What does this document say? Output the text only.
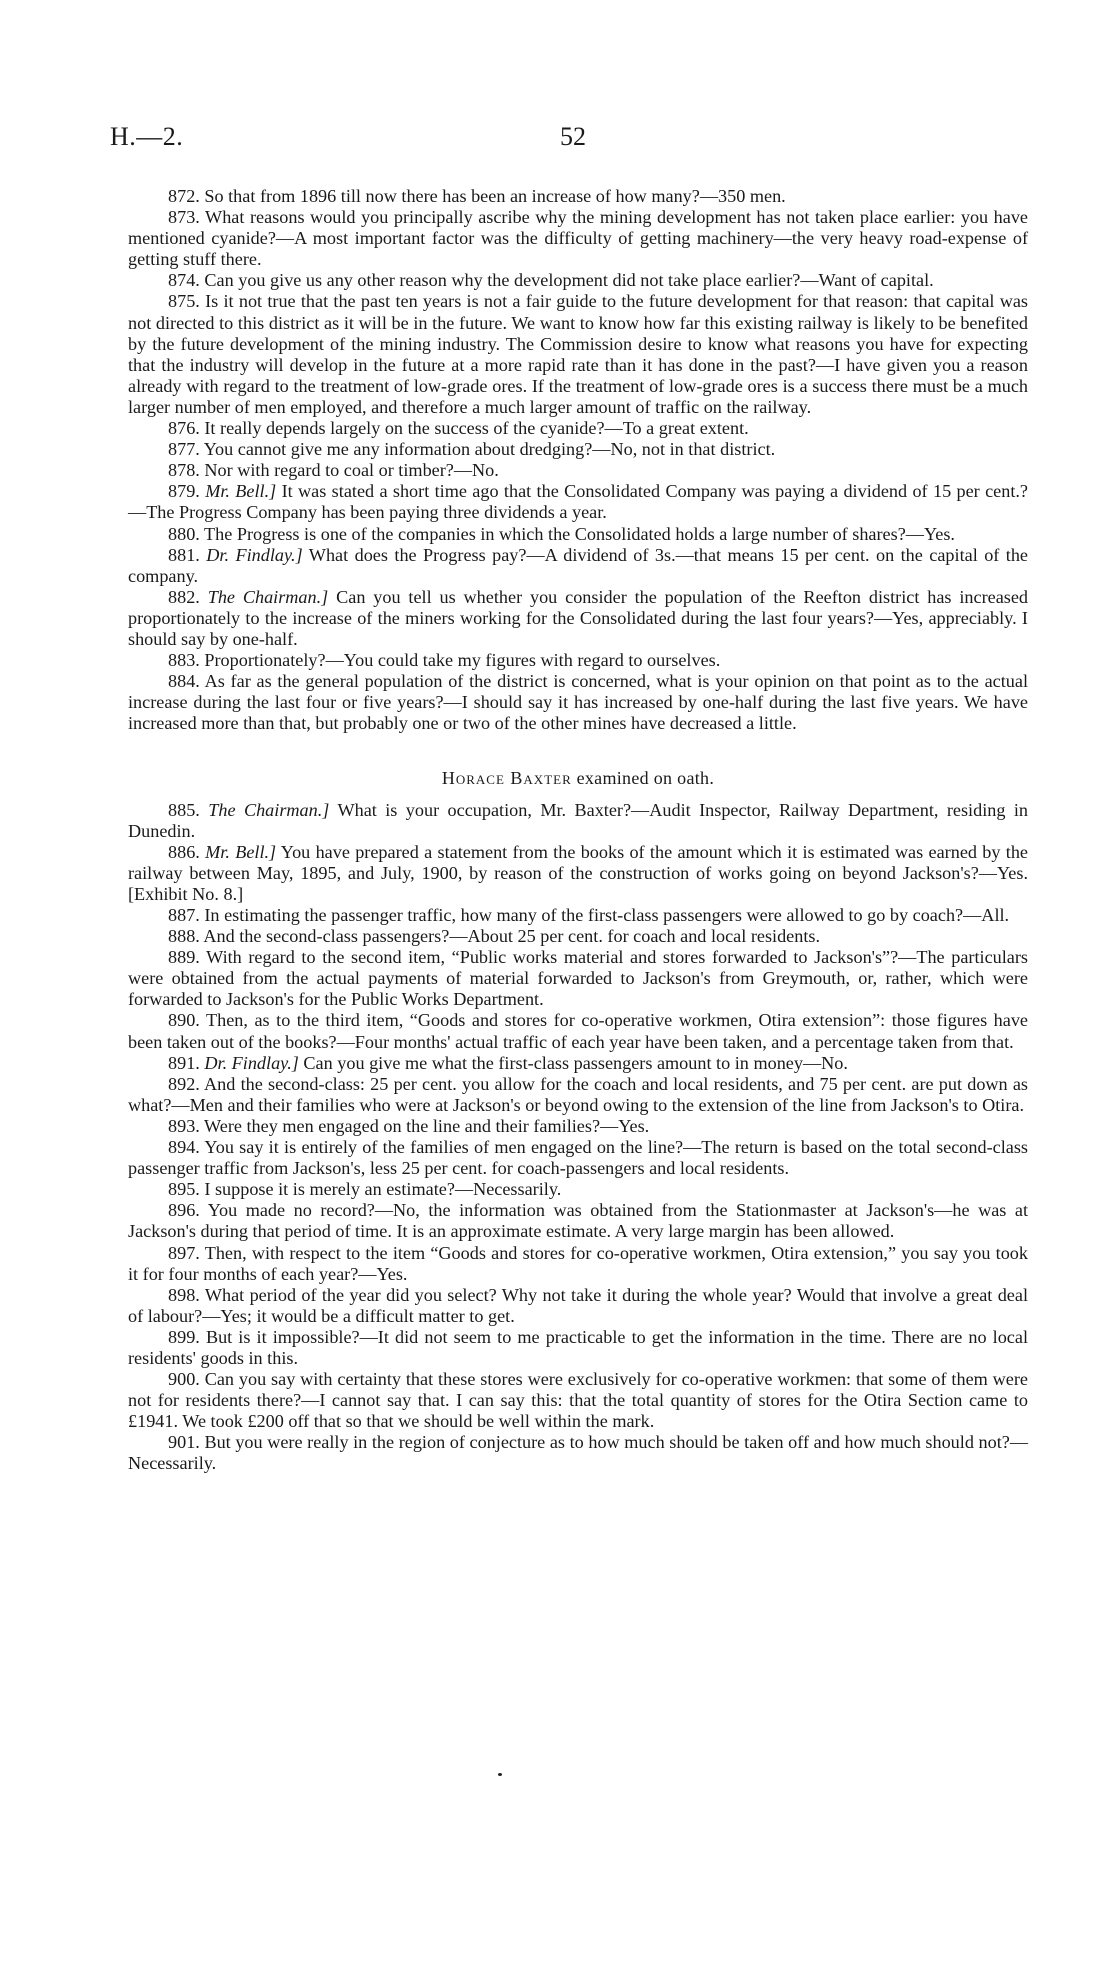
H.—2.	52

872. So that from 1896 till now there has been an increase of how many?—350 men.

873. What reasons would you principally ascribe why the mining development has not taken place earlier: you have mentioned cyanide?—A most important factor was the difficulty of getting machinery—the very heavy road-expense of getting stuff there.

874. Can you give us any other reason why the development did not take place earlier?—Want of capital.

875. Is it not true that the past ten years is not a fair guide to the future development for that reason: that capital was not directed to this district as it will be in the future. We want to know how far this existing railway is likely to be benefited by the future development of the mining industry. The Commission desire to know what reasons you have for expecting that the industry will develop in the future at a more rapid rate than it has done in the past?—I have given you a reason already with regard to the treatment of low-grade ores. If the treatment of low-grade ores is a success there must be a much larger number of men employed, and therefore a much larger amount of traffic on the railway.

876. It really depends largely on the success of the cyanide?—To a great extent.

877. You cannot give me any information about dredging?—No, not in that district.

878. Nor with regard to coal or timber?—No.

879. Mr. Bell.] It was stated a short time ago that the Consolidated Company was paying a dividend of 15 per cent.?—The Progress Company has been paying three dividends a year.

880. The Progress is one of the companies in which the Consolidated holds a large number of shares?—Yes.

881. Dr. Findlay.] What does the Progress pay?—A dividend of 3s.—that means 15 per cent. on the capital of the company.

882. The Chairman.] Can you tell us whether you consider the population of the Reefton district has increased proportionately to the increase of the miners working for the Consolidated during the last four years?—Yes, appreciably. I should say by one-half.

883. Proportionately?—You could take my figures with regard to ourselves.

884. As far as the general population of the district is concerned, what is your opinion on that point as to the actual increase during the last four or five years?—I should say it has increased by one-half during the last five years. We have increased more than that, but probably one or two of the other mines have decreased a little.

Horace Baxter examined on oath.

885. The Chairman.] What is your occupation, Mr. Baxter?—Audit Inspector, Railway Department, residing in Dunedin.

886. Mr. Bell.] You have prepared a statement from the books of the amount which it is estimated was earned by the railway between May, 1895, and July, 1900, by reason of the construction of works going on beyond Jackson's?—Yes. [Exhibit No. 8.]

887. In estimating the passenger traffic, how many of the first-class passengers were allowed to go by coach?—All.

888. And the second-class passengers?—About 25 per cent. for coach and local residents.

889. With regard to the second item, “Public works material and stores forwarded to Jackson's”?—The particulars were obtained from the actual payments of material forwarded to Jackson's from Greymouth, or, rather, which were forwarded to Jackson's for the Public Works Department.

890. Then, as to the third item, “Goods and stores for co-operative workmen, Otira extension”: those figures have been taken out of the books?—Four months' actual traffic of each year have been taken, and a percentage taken from that.

891. Dr. Findlay.] Can you give me what the first-class passengers amount to in money—No.

892. And the second-class: 25 per cent. you allow for the coach and local residents, and 75 per cent. are put down as what?—Men and their families who were at Jackson's or beyond owing to the extension of the line from Jackson's to Otira.

893. Were they men engaged on the line and their families?—Yes.

894. You say it is entirely of the families of men engaged on the line?—The return is based on the total second-class passenger traffic from Jackson's, less 25 per cent. for coach-passengers and local residents.

895. I suppose it is merely an estimate?—Necessarily.

896. You made no record?—No, the information was obtained from the Stationmaster at Jackson's—he was at Jackson's during that period of time. It is an approximate estimate. A very large margin has been allowed.

897. Then, with respect to the item “Goods and stores for co-operative workmen, Otira extension,” you say you took it for four months of each year?—Yes.

898. What period of the year did you select? Why not take it during the whole year? Would that involve a great deal of labour?—Yes; it would be a difficult matter to get.

899. But is it impossible?—It did not seem to me practicable to get the information in the time. There are no local residents' goods in this.

900. Can you say with certainty that these stores were exclusively for co-operative workmen: that some of them were not for residents there?—I cannot say that. I can say this: that the total quantity of stores for the Otira Section came to £1941. We took £200 off that so that we should be well within the mark.

901. But you were really in the region of conjecture as to how much should be taken off and how much should not?—Necessarily.
